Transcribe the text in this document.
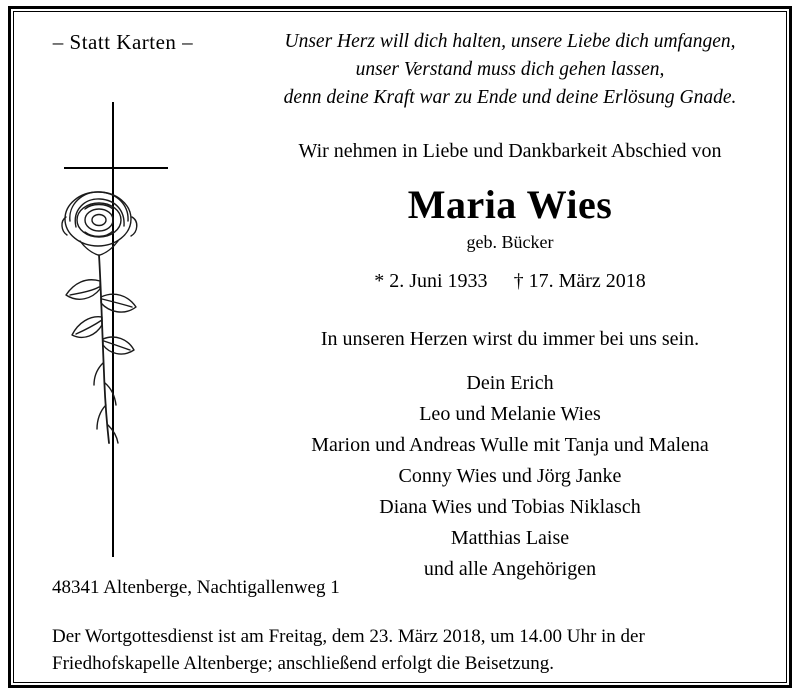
– Statt Karten –	Unser Herz will dich halten, unsere Liebe dich umfangen,
unser Verstand muss dich gehen lassen,
denn deine Kraft war zu Ende und deine Erlösung Gnade.
Wir nehmen in Liebe und Dankbarkeit Abschied von
Maria Wies
geb. Bücker
* 2. Juni 1933 † 17. März 2018
In unseren Herzen wirst du immer bei uns sein.
Dein Erich
Leo und Melanie Wies
Marion und Andreas Wulle mit Tanja und Malena
Conny Wies und Jörg Janke
Diana Wies und Tobias Niklasch
Matthias Laise
und alle Angehörigen
48341 Altenberge, Nachtigallenweg 1
Der Wortgottesdienst ist am Freitag, dem 23. März 2018, um 14.00 Uhr in der
Friedhofskapelle Altenberge; anschließend erfolgt die Beisetzung.
